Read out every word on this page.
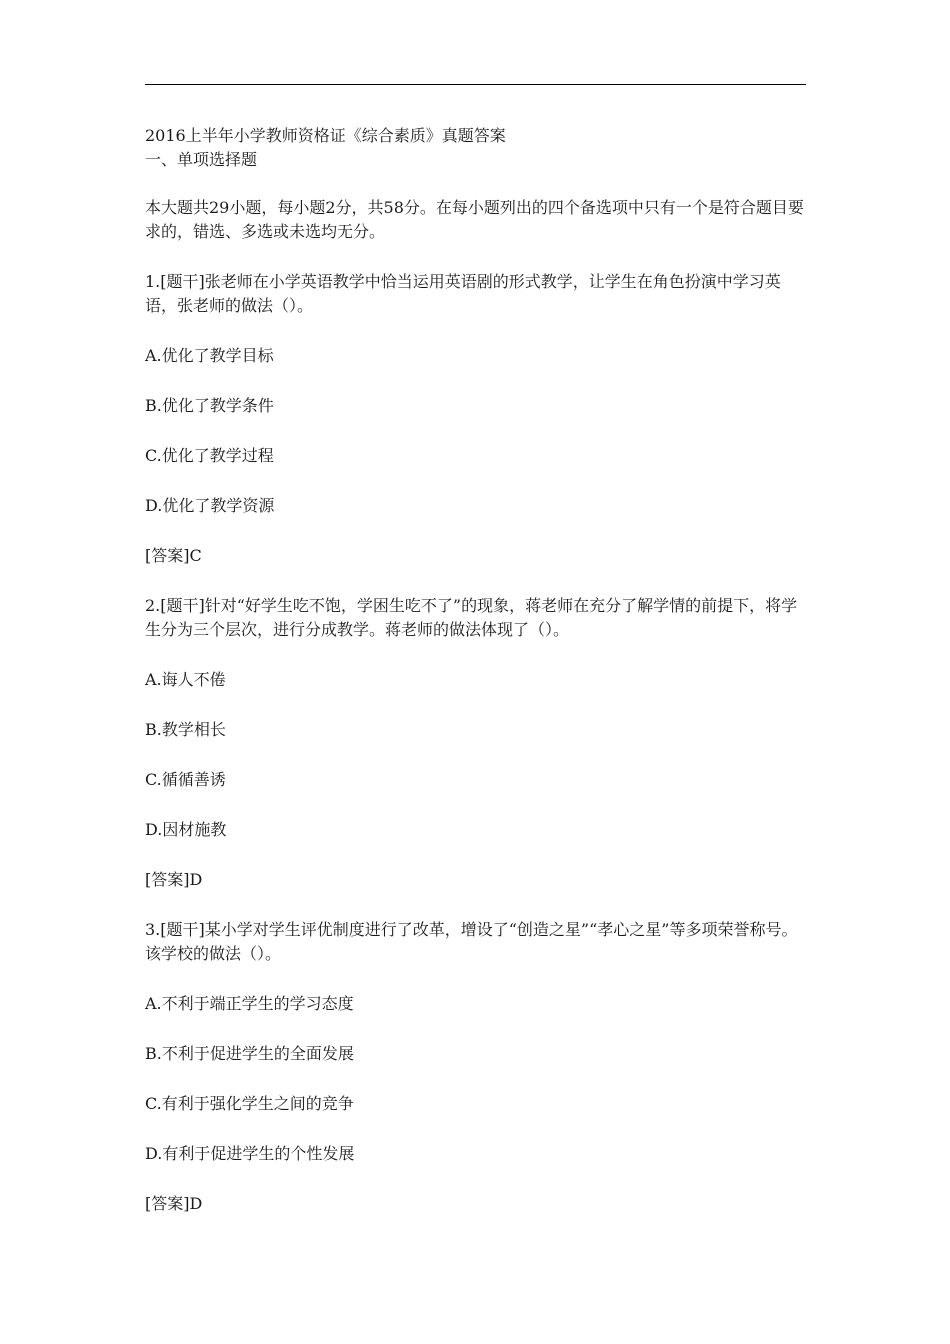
2016上半年小学教师资格证《综合素质》真题答案

一、单项选择题

本大题共29小题，每小题2分，共58分。在每小题列出的四个备选项中只有一个是符合题目要求的，错选、多选或未选均无分。

1.[题干]张老师在小学英语教学中恰当运用英语剧的形式教学，让学生在角色扮演中学习英语，张老师的做法（）。

A.优化了教学目标

B.优化了教学条件

C.优化了教学过程

D.优化了教学资源

[答案]C

2.[题干]针对“好学生吃不饱，学困生吃不了”的现象，蒋老师在充分了解学情的前提下，将学生分为三个层次，进行分成教学。蒋老师的做法体现了（）。

A.诲人不倦

B.教学相长

C.循循善诱

D.因材施教

[答案]D

3.[题干]某小学对学生评优制度进行了改革，增设了“创造之星”“孝心之星”等多项荣誉称号。该学校的做法（）。

A.不利于端正学生的学习态度

B.不利于促进学生的全面发展

C.有利于强化学生之间的竞争

D.有利于促进学生的个性发展

[答案]D
